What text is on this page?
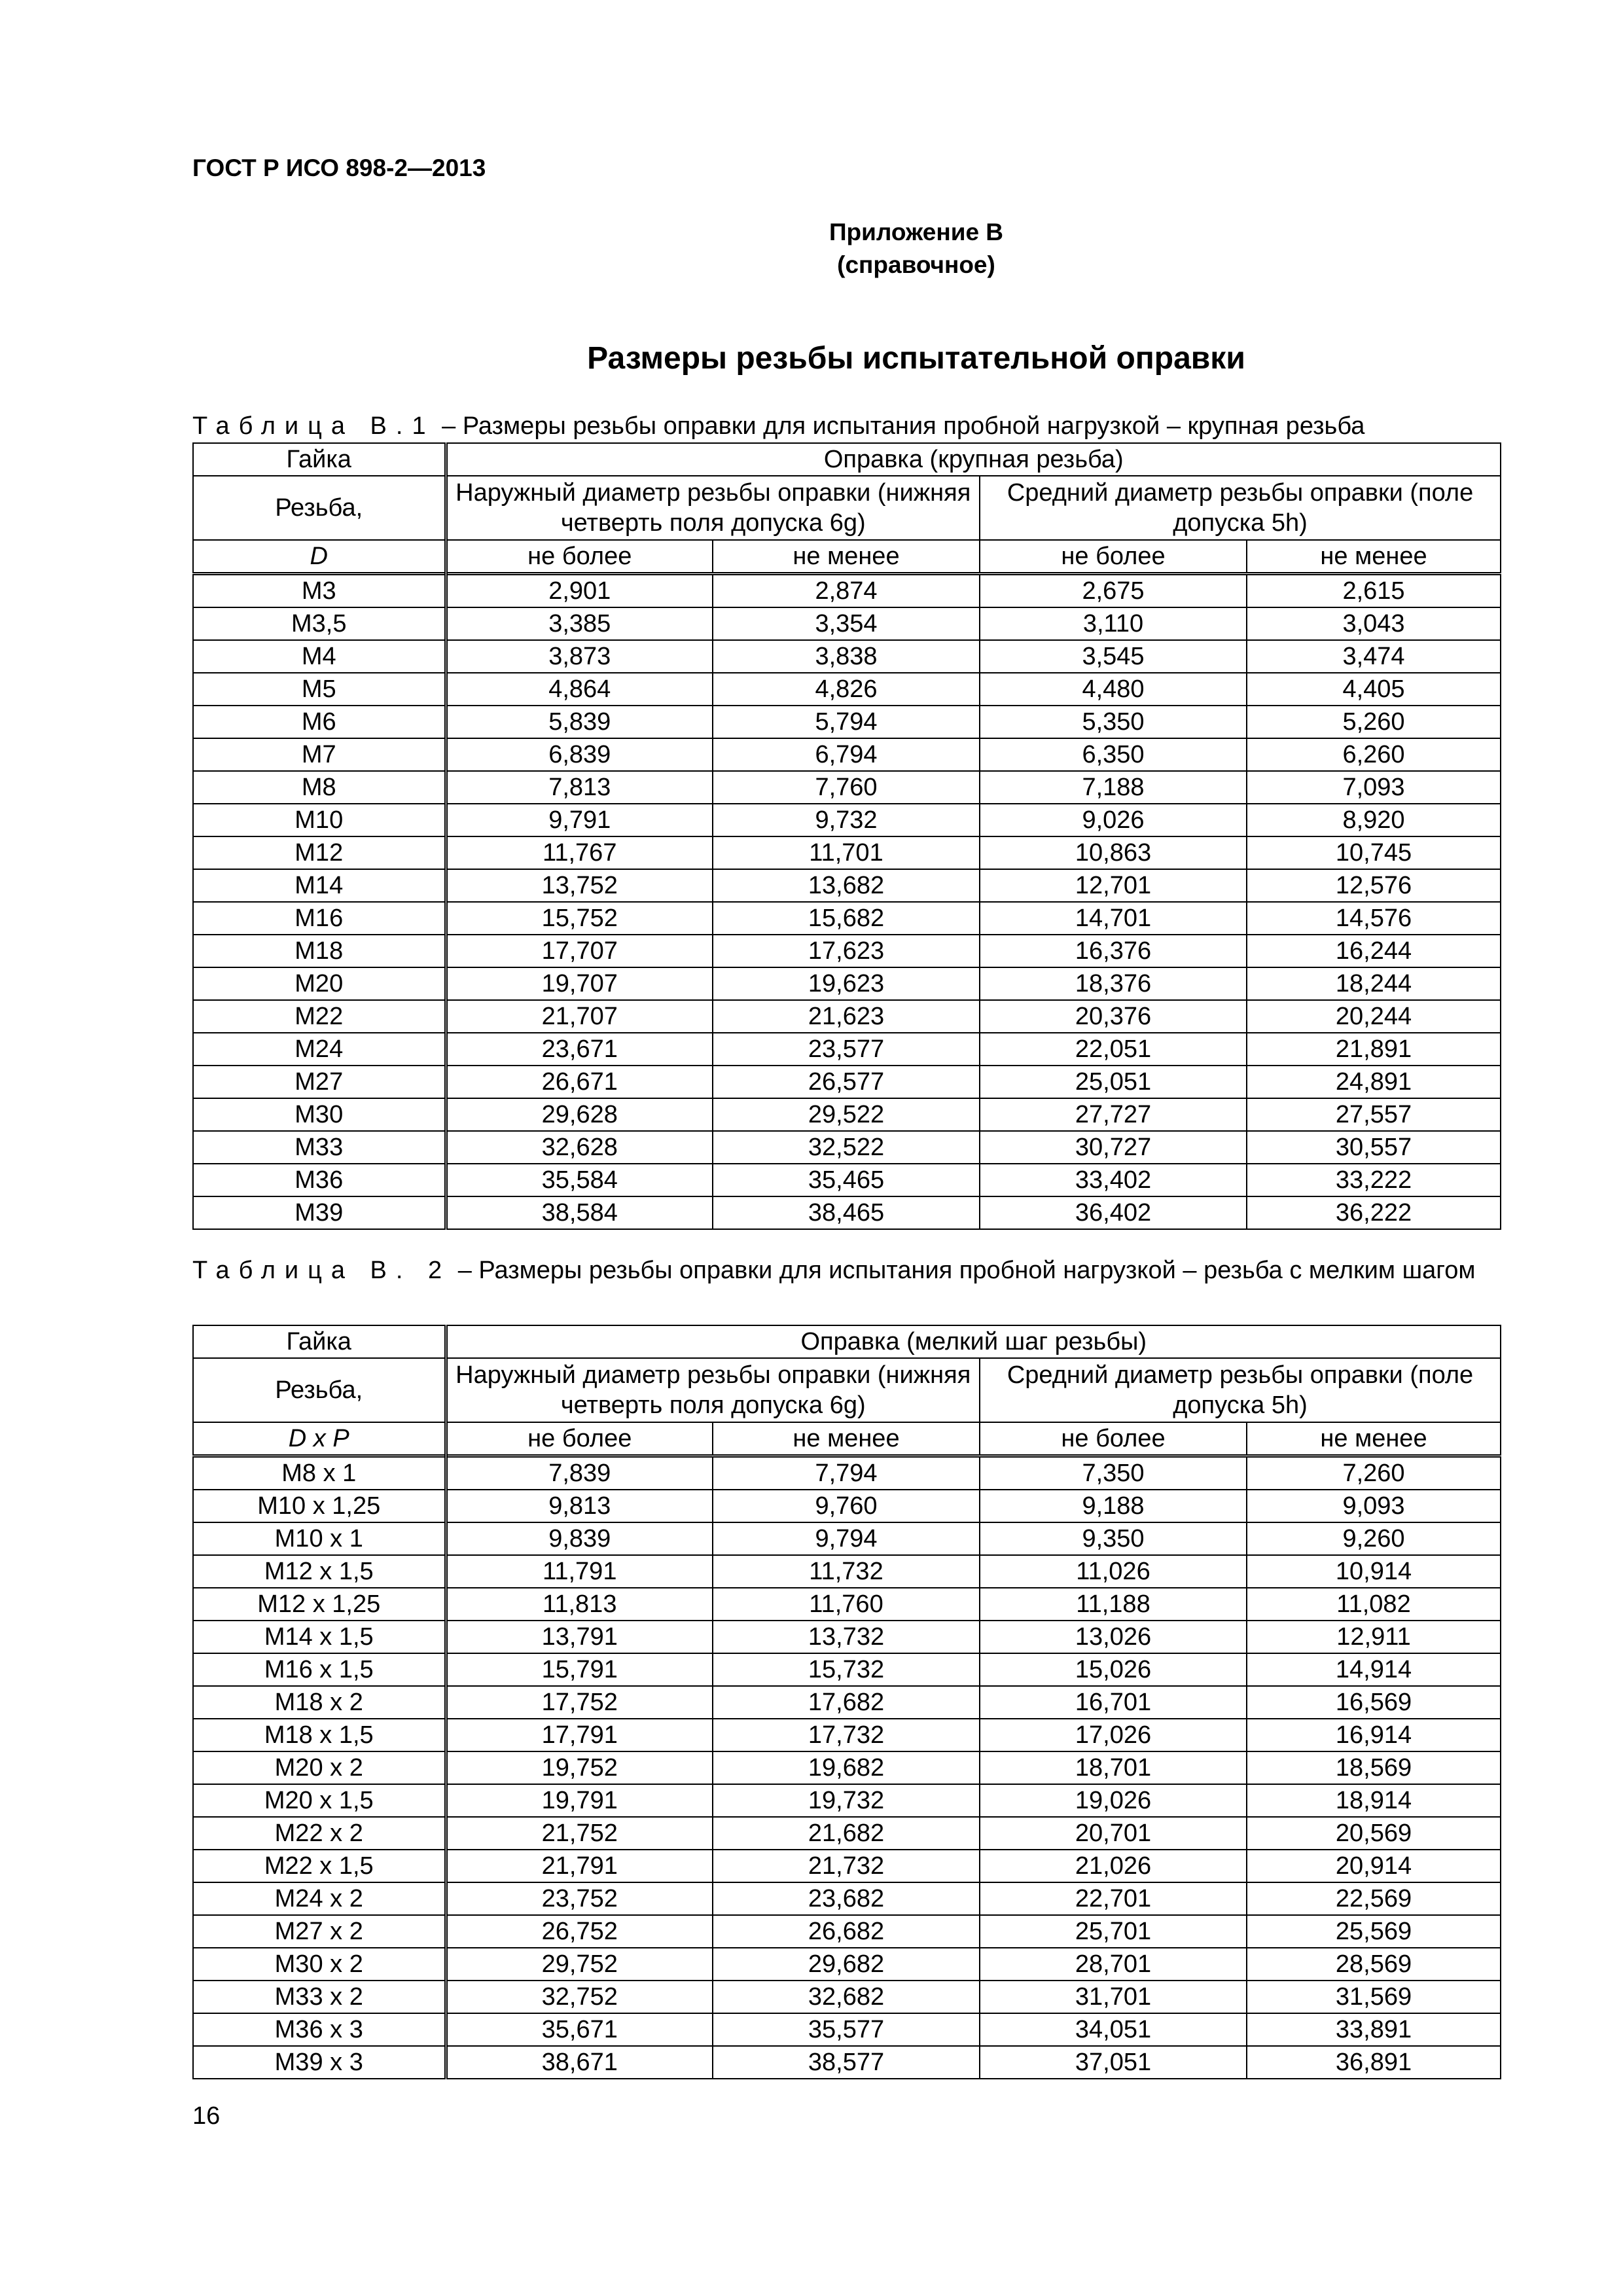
ГОСТ Р ИСО 898-2—2013
Приложение В
(справочное)
Размеры резьбы испытательной оправки
Таблица В.1 – Размеры резьбы оправки для испытания пробной нагрузкой – крупная резьба
Гайка	Оправка (крупная резьба)			
Резьба,	Наружный диаметр резьбы оправки (нижняя четверть поля допуска 6g)		Средний диаметр резьбы оправки (поле допуска 5h)	
D	не более	не менее	не более	не менее
М3	2,901	2,874	2,675	2,615
М3,5	3,385	3,354	3,110	3,043
М4	3,873	3,838	3,545	3,474
М5	4,864	4,826	4,480	4,405
М6	5,839	5,794	5,350	5,260
М7	6,839	6,794	6,350	6,260
М8	7,813	7,760	7,188	7,093
М10	9,791	9,732	9,026	8,920
М12	11,767	11,701	10,863	10,745
М14	13,752	13,682	12,701	12,576
М16	15,752	15,682	14,701	14,576
М18	17,707	17,623	16,376	16,244
М20	19,707	19,623	18,376	18,244
М22	21,707	21,623	20,376	20,244
М24	23,671	23,577	22,051	21,891
М27	26,671	26,577	25,051	24,891
М30	29,628	29,522	27,727	27,557
М33	32,628	32,522	30,727	30,557
М36	35,584	35,465	33,402	33,222
М39	38,584	38,465	36,402	36,222
Таблица В. 2 – Размеры резьбы оправки для испытания пробной нагрузкой – резьба с мелким шагом
Гайка	Оправка (мелкий шаг резьбы)			
Резьба,	Наружный диаметр резьбы оправки (нижняя четверть поля допуска 6g)		Средний диаметр резьбы оправки (поле допуска 5h)	
D x P	не более	не менее	не более	не менее
М8 x 1	7,839	7,794	7,350	7,260
М10 x 1,25	9,813	9,760	9,188	9,093
М10 x 1	9,839	9,794	9,350	9,260
М12 x 1,5	11,791	11,732	11,026	10,914
М12 x 1,25	11,813	11,760	11,188	11,082
М14 x 1,5	13,791	13,732	13,026	12,911
М16 x 1,5	15,791	15,732	15,026	14,914
М18 x 2	17,752	17,682	16,701	16,569
М18 x 1,5	17,791	17,732	17,026	16,914
М20 x 2	19,752	19,682	18,701	18,569
М20 x 1,5	19,791	19,732	19,026	18,914
М22 x 2	21,752	21,682	20,701	20,569
М22 x 1,5	21,791	21,732	21,026	20,914
М24 x 2	23,752	23,682	22,701	22,569
М27 x 2	26,752	26,682	25,701	25,569
М30 x 2	29,752	29,682	28,701	28,569
М33 x 2	32,752	32,682	31,701	31,569
М36 x 3	35,671	35,577	34,051	33,891
М39 x 3	38,671	38,577	37,051	36,891
16
